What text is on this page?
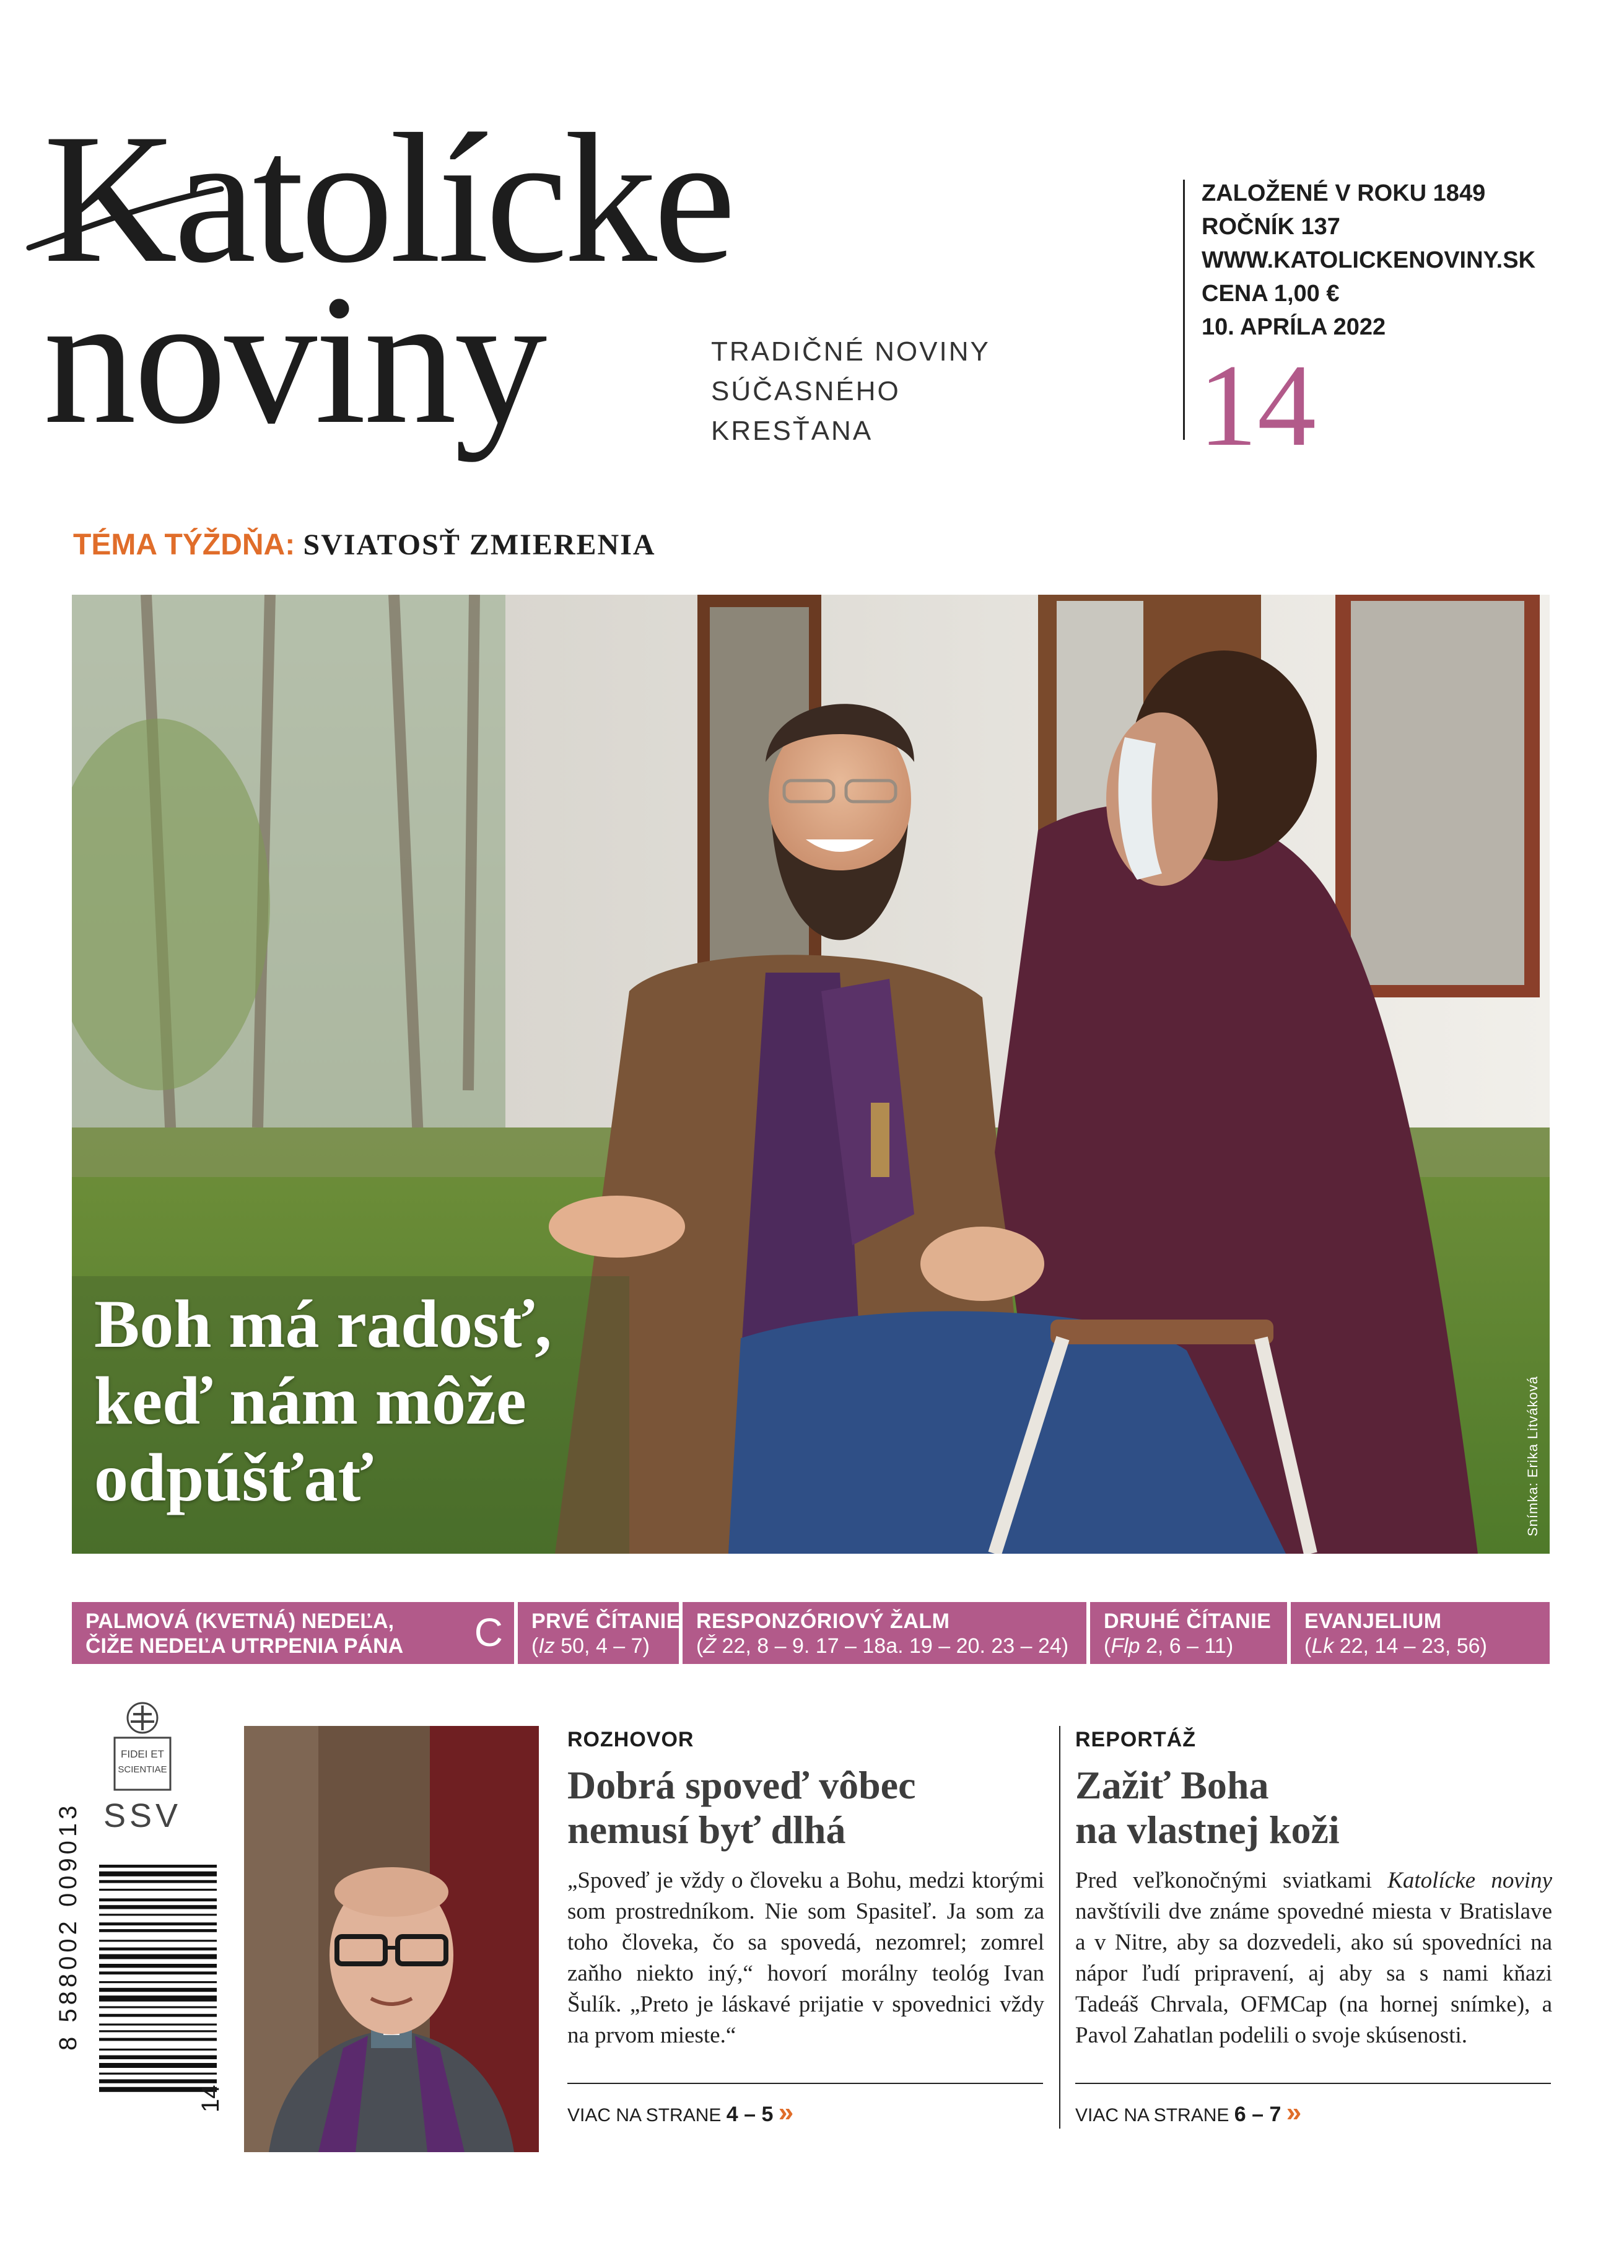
Katolícke
noviny	TRADIČNÉ NOVINY
SÚČASNÉHO
KRESŤANA
ZALOŽENÉ V ROKU 1849
ROČNÍK 137
WWW.KATOLICKENOVINY.SK
CENA 1,00 €
10. APRÍLA 2022
14
TÉMA TÝŽDŇA: SVIATOSŤ ZMIERENIA
Boh má radosť,
keď nám môže
odpúšťať	Snímka: Erika Litváková
PALMOVÁ (KVETNÁ) NEDEĽA,
ČIŽE NEDEĽA UTRPENIA PÁNA C PRVÉ ČÍTANIE
(Iz 50, 4 – 7)
RESPONZÓRIOVÝ ŽALM
(Ž 22, 8 – 9. 17 – 18a. 19 – 20. 23 – 24)
DRUHÉ ČÍTANIE
(Flp 2, 6 – 11)
EVANJELIUM
(Lk 22, 14 – 23, 56)
FIDEI ET
SCIENTIAE
SSV
8 588002 009013
14
ROZHOVOR
Dobrá spoveď vôbec
nemusí byť dlhá
„Spoveď je vždy o človeku a Bohu, medzi ktorými som prostredníkom. Nie som Spasiteľ. Ja som za toho človeka, čo sa spovedá, nezomrel; zomrel zaňho niekto iný,“ hovorí morálny teológ Ivan Šulík. „Preto je láskavé prijatie v spovednici vždy na prvom mieste.“
VIAC NA STRANE 4 – 5 »
REPORTÁŽ
Zažiť Boha
na vlastnej koži
Pred veľkonočnými sviatkami Katolícke noviny navštívili dve známe spovedné miesta v Bratislave a v Nitre, aby sa dozvedeli, ako sú spovedníci na nápor ľudí pripravení, aj aby sa s nami kňazi Tadeáš Chrvala, OFMCap (na hornej snímke), a Pavol Zahatlan podelili o svoje skúsenosti.
VIAC NA STRANE 6 – 7 »
